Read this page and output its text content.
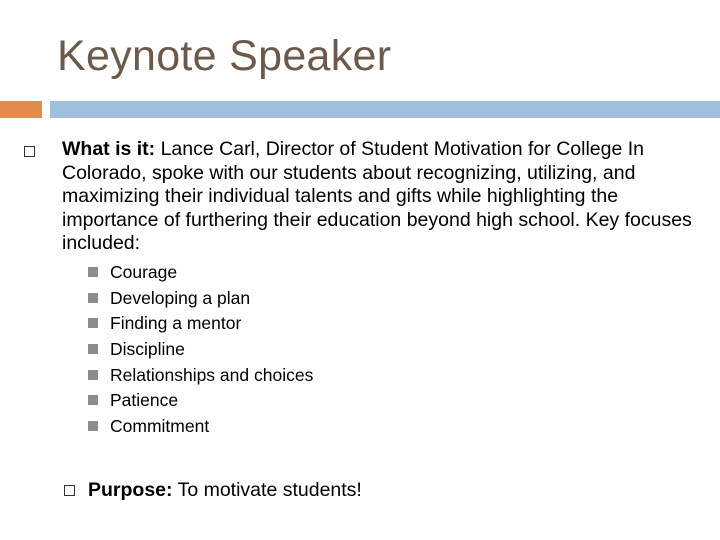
Keynote Speaker
What is it: Lance Carl, Director of Student Motivation for College In Colorado, spoke with our students about recognizing, utilizing, and maximizing their individual talents and gifts while highlighting the importance of furthering their education beyond high school. Key focuses included:
Courage
Developing a plan
Finding a mentor
Discipline
Relationships and choices
Patience
Commitment
Purpose: To motivate students!
